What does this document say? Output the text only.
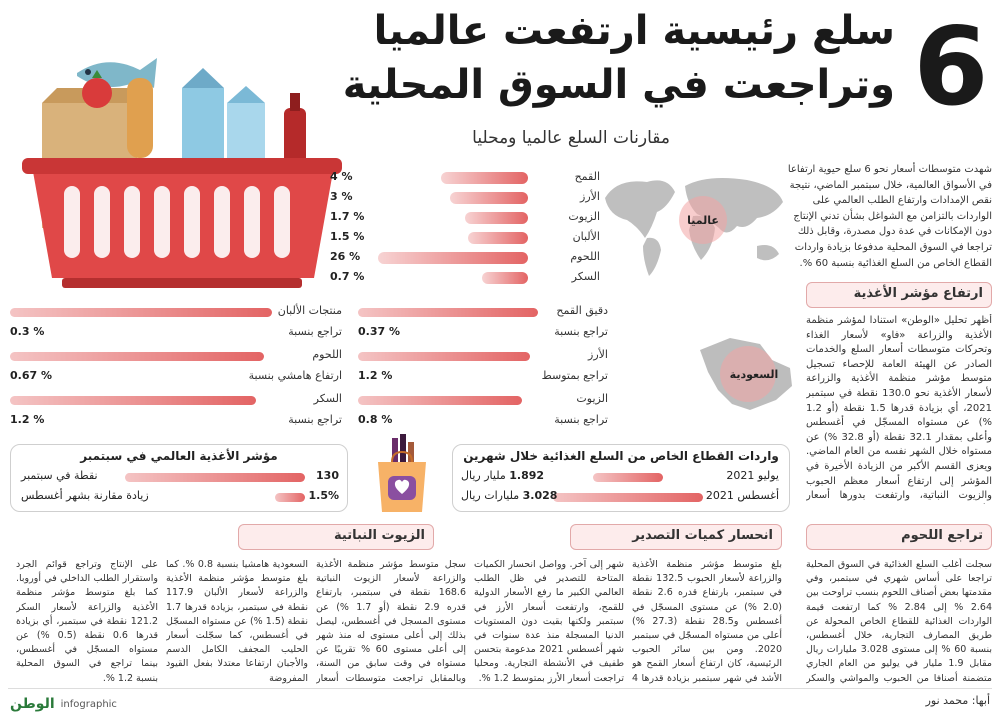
6
سلع رئيسية ارتفعت عالميا
وتراجعت في السوق المحلية
مقارنات السلع عالميا ومحليا
شهدت متوسطات أسعار نحو 6 سلع حيوية ارتفاعا في الأسواق العالمية، خلال سبتمبر الماضي، نتيجة نقص الإمدادات وارتفاع الطلب العالمي على الواردات بالتزامن مع الشواغل بشأن تدني الإنتاج دون الإمكانات في عدة دول مصدرة، وقابل ذلك تراجعا في السوق المحلية مدفوعا بزيادة واردات القطاع الخاص من السلع الغذائية بنسبة 60 %.
القمح
4 %
الأرز
3 %
الزيوت
1.7 %
الألبان
1.5 %
اللحوم
26 %
السكر
0.7 %
عالميا
ارتفاع مؤشر الأغذية
أظهر تحليل «الوطن» استنادا لمؤشر منظمة الأغذية والزراعة «فاو» لأسعار الغذاء وتحركات متوسطات أسعار السلع والخدمات الصادر عن الهيئة العامة للإحصاء تسجيل متوسط مؤشر منظمة الأغذية والزراعة لأسعار الأغذية نحو 130.0 نقطة في سبتمبر 2021، أي بزيادة قدرها 1.5 نقطة (أو 1.2 %) عن مستواه المسجّل في أغسطس وأعلى بمقدار 32.1 نقطة (أو 32.8 %) عن مستواه خلال الشهر نفسه من العام الماضي. ويعزى القسم الأكبر من الزيادة الأخيرة في المؤشر إلى ارتفاع أسعار معظم الحبوب والزيوت النباتية، وارتفعت بدورها أسعار
السعودية
دقيق القمح
تراجع بنسبة
0.37 %
الأرز
تراجع بمتوسط
1.2 %
الزيوت
تراجع بنسبة
0.8 %
منتجات الألبان
تراجع بنسبة
0.3 %
اللحوم
ارتفاع هامشي بنسبة
0.67 %
السكر
تراجع بنسبة
1.2 %
واردات القطاع الخاص من السلع الغذائية خلال شهرين
يوليو 2021
1.892 مليار ريال
أغسطس 2021
3.028 مليارات ريال
مؤشر الأغذية العالمي في سبتمبر
نقطة في سبتمبر	130
زيادة مقارنة بشهر أغسطس	1.5%
تراجع اللحوم
انحسار كميات التصدير
الزيوت النباتية
سجلت أغلب السلع الغذائية في السوق المحلية تراجعا على أساس شهري في سبتمبر، وفي مقدمتها بعض أصناف اللحوم بنسب تراوحت بين 2.64 % إلى 2.84 % كما ارتفعت قيمة الواردات الغذائية للقطاع الخاص المحولة عن طريق المصارف التجارية، خلال أغسطس، بنسبة 60 % إلى مستوى 3.028 مليارات ريال مقابل 1.9 مليار في يوليو من العام الجاري متضمنة أصنافا من الحبوب والمواشي والسكر
بلغ متوسط مؤشر منظمة الأغذية والزراعة لأسعار الحبوب 132.5 نقطة في سبتمبر، بارتفاع قدره 2.6 نقطة (2.0 %) عن مستوى المسجّل في أغسطس و28.5 نقطة (27.3 %) أعلى من مستواه المسجّل في سبتمبر 2020. ومن بين سائر الحبوب الرئيسية، كان ارتفاع أسعار القمح هو الأشد في شهر سبتمبر بزيادة قدرها 4
شهر إلى آخر. وواصل انحسار الكميات المتاحة للتصدير في ظل الطلب العالمي الكبير ما رفع الأسعار الدولية للقمح، وارتفعت أسعار الأرز في سبتمبر ولكنها بقيت دون المستويات الدنيا المسجلة منذ عدة سنوات في شهر أغسطس 2021 مدعومة بتحسن طفيف في الأنشطة التجارية. ومحليا تراجعت أسعار الأرز بمتوسط 1.2 %.
سجل متوسط مؤشر منظمة الأغذية والزراعة لأسعار الزيوت النباتية 168.6 نقطة في سبتمبر، بارتفاع قدره 2.9 نقطة (أو 1.7 %) عن مستوى المسجل في أغسطس، ليصل بذلك إلى أعلى مستوى له منذ شهر إلى أعلى مستوى 60 % تقريبًا عن مستواه في وقت سابق من السنة، وبالمقابل تراجعت متوسطات أسعار
السعودية هامشيا بنسبة 0.8 %. كما بلغ متوسط مؤشر منظمة الأغذية والزراعة لأسعار الألبان 117.9 نقطة في سبتمبر، بزيادة قدرها 1.7 نقطة (1.5 %) عن مستواه المسجّل في أغسطس، كما سجّلت أسعار الحليب المجفف الكامل الدسم والأجبان ارتفاعا معتدلا بفعل القيود المفروضة
على الإنتاج وتراجع قوائم الجرد واستقرار الطلب الداخلي في أوروبا. كما بلغ متوسط مؤشر منظمة الأغذية والزراعة لأسعار السكر 121.2 نقطة في سبتمبر، أي بزيادة قدرها 0.6 نقطة (0.5 %) عن مستواه المسجّل في أغسطس، بينما تراجع في السوق المحلية بنسبة 1.2 %.
أبها: محمد نور
الوطن infographic
